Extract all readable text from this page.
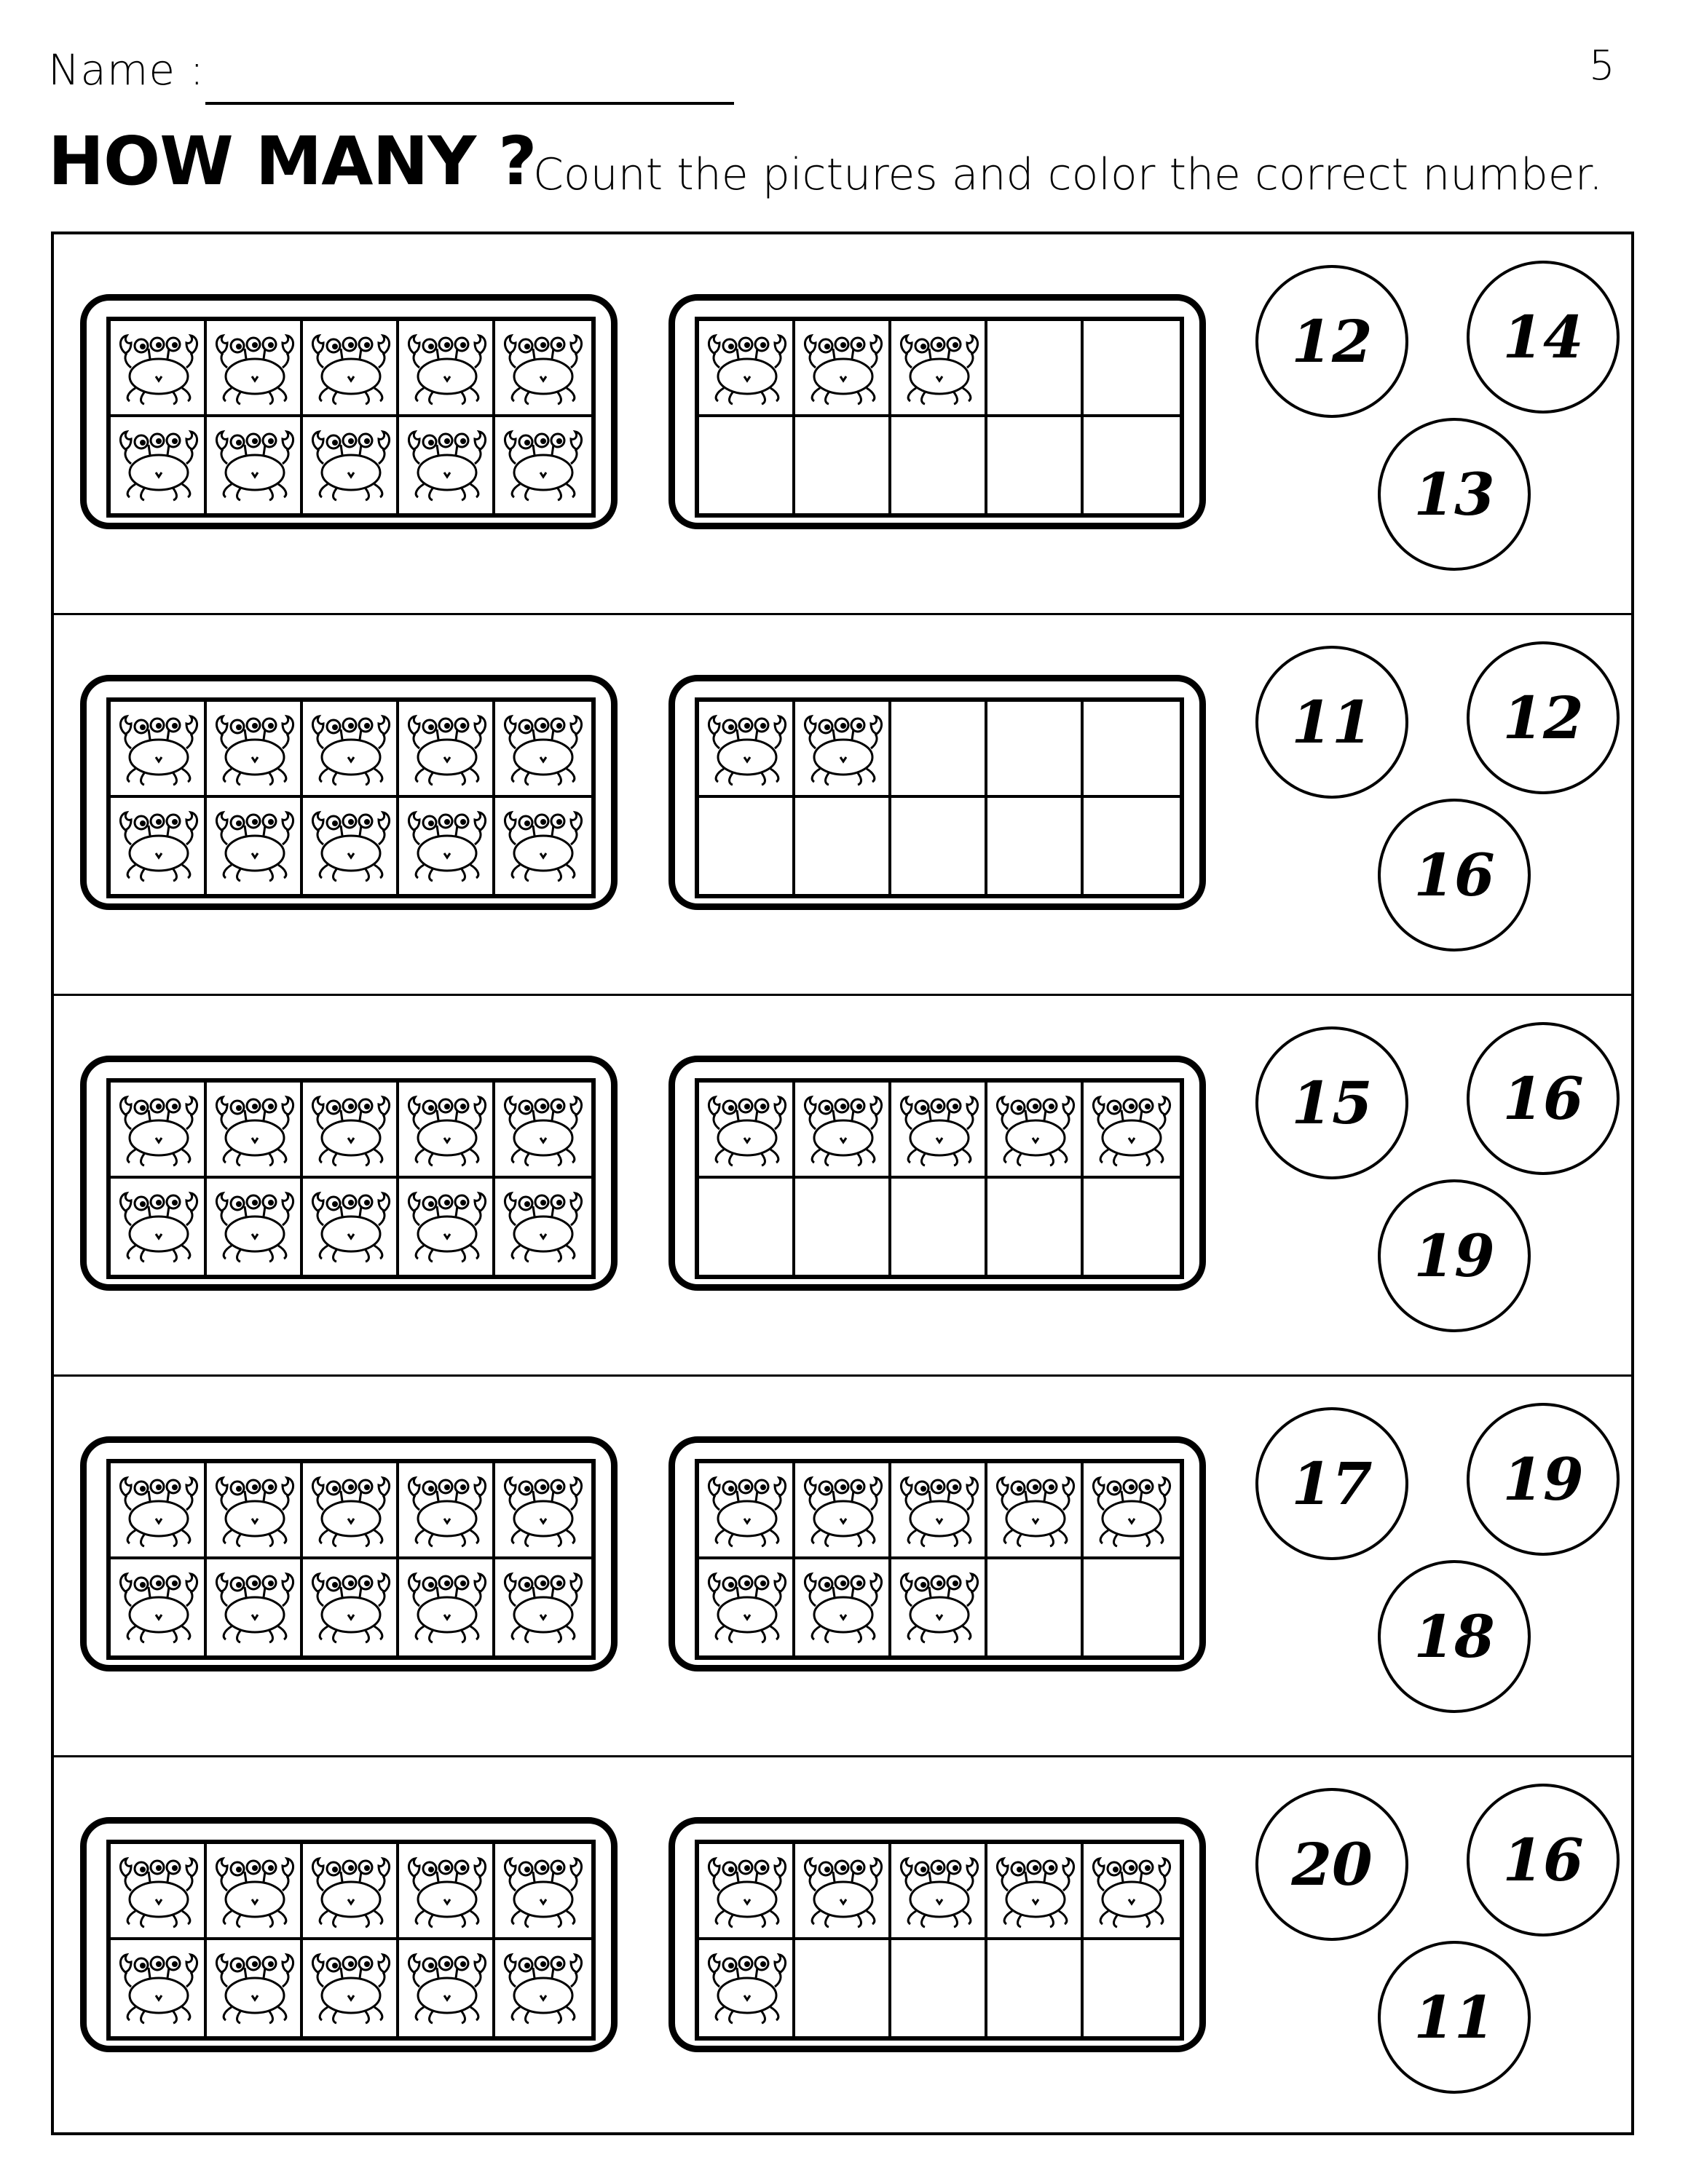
Name :	5
HOW MANY ?
Count the pictures and color the correct number.
12	14
13
11	12
16
15	16
19
17	19
18
20	16
11
